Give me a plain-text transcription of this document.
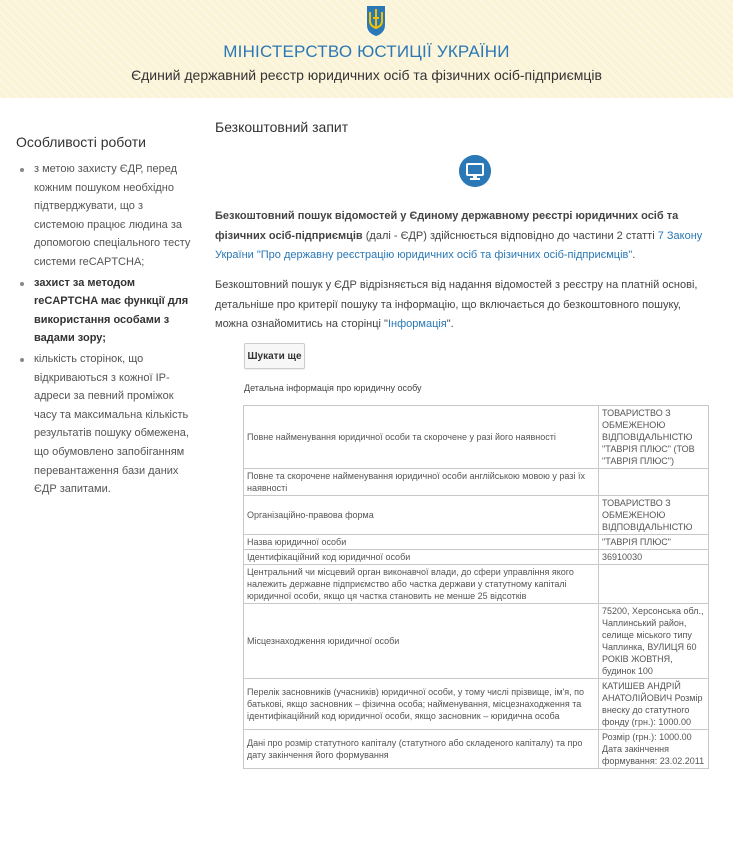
МІНІСТЕРСТВО ЮСТИЦІЇ УКРАЇНИ
Єдиний державний реєстр юридичних осіб та фізичних осіб-підприємців
Особливості роботи
з метою захисту ЄДР, перед кожним пошуком необхідно підтверджувати, що з системою працює людина за допомогою спеціального тесту системи reCAPTCHA;
захист за методом reCAPTCHA має функції для використання особами з вадами зору;
кількість сторінок, що відкриваються з кожної IP-адреси за певний проміжок часу та максимальна кількість результатів пошуку обмежена, що обумовлено запобіганням перевантаження бази даних ЄДР запитами.
Безкоштовний запит

Безкоштовний пошук відомостей у Єдиному державному реєстрі юридичних осіб та фізичних осіб-підприємців (далі - ЄДР) здійснюється відповідно до частини 2 статті 7 Закону України "Про державну реєстрацію юридичних осіб та фізичних осіб-підприємців".

Безкоштовний пошук у ЄДР відрізняється від надання відомостей з реєстру на платній основі, детальніше про критерії пошуку та інформацію, що включається до безкоштовного пошуку, можна ознайомитись на сторінці "Інформація".

Шукати ще
Детальна інформація про юридичну особу
Повне найменування юридичної особи та скорочене у разі його наявності	ТОВАРИСТВО З ОБМЕЖЕНОЮ ВІДПОВІДАЛЬНІСТЮ "ТАВРІЯ ПЛЮС" (ТОВ "ТАВРІЯ ПЛЮС")
Повне та скорочене найменування юридичної особи англійською мовою у разі їх наявності	
Організаційно-правова форма	ТОВАРИСТВО З ОБМЕЖЕНОЮ ВІДПОВІДАЛЬНІСТЮ
Назва юридичної особи	"ТАВРІЯ ПЛЮС"
Ідентифікаційний код юридичної особи	36910030
Центральний чи місцевий орган виконавчої влади, до сфери управління якого належить державне підприємство або частка держави у статутному капіталі юридичної особи, якщо ця частка становить не менше 25 відсотків	
Місцезнаходження юридичної особи	75200, Херсонська обл., Чаплинський район, селище міського типу Чаплинка, ВУЛИЦЯ 60 РОКІВ ЖОВТНЯ, будинок 100
Перелік засновників (учасників) юридичної особи, у тому числі прізвище, ім'я, по батькові, якщо засновник – фізична особа; найменування, місцезнаходження та ідентифікаційний код юридичної особи, якщо засновник – юридична особа	КАТИШЕВ АНДРІЙ АНАТОЛІЙОВИЧ Розмір внеску до статутного фонду (грн.): 1000.00
Дані про розмір статутного капіталу (статутного або складеного капіталу) та про дату закінчення його формування	Розмір (грн.): 1000.00 Дата закінчення формування: 23.02.2011
